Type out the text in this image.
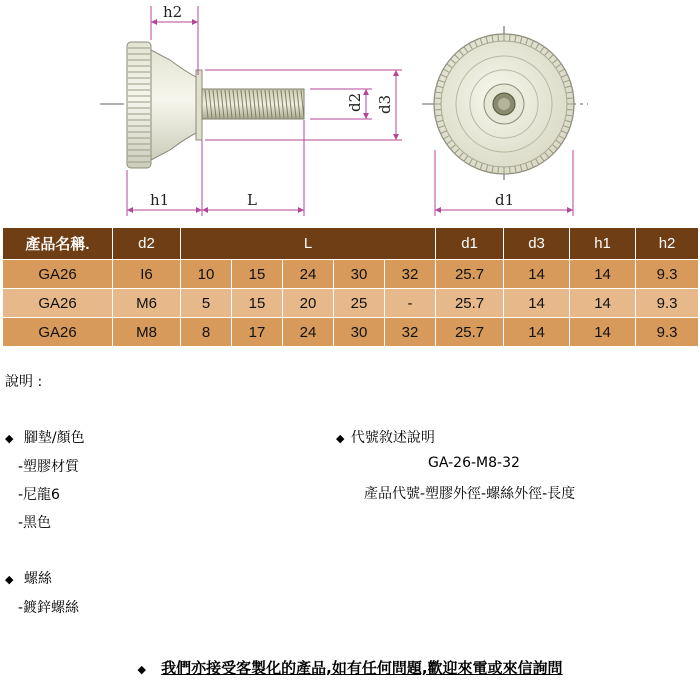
h2
h1	L	d1
d2 d3
產品名稱.	d2	L					d1	d3	h1	h2
GA26	I6	10	15	24	30	32	25.7	14	14	9.3
GA26	M6	5	15	20	25	-	25.7	14	14	9.3
GA26	M8	8	17	24	30	32	25.7	14	14	9.3
說明 :
◆ 腳墊/顏色
-塑膠材質
-尼龍6
-黑色
◆ 螺絲
-鍍鋅螺絲
◆ 代號敘述說明
GA-26-M8-32
產品代號-塑膠外徑-螺絲外徑-長度
◆ 我們亦接受客製化的產品,如有任何問題,歡迎來電或來信詢問
